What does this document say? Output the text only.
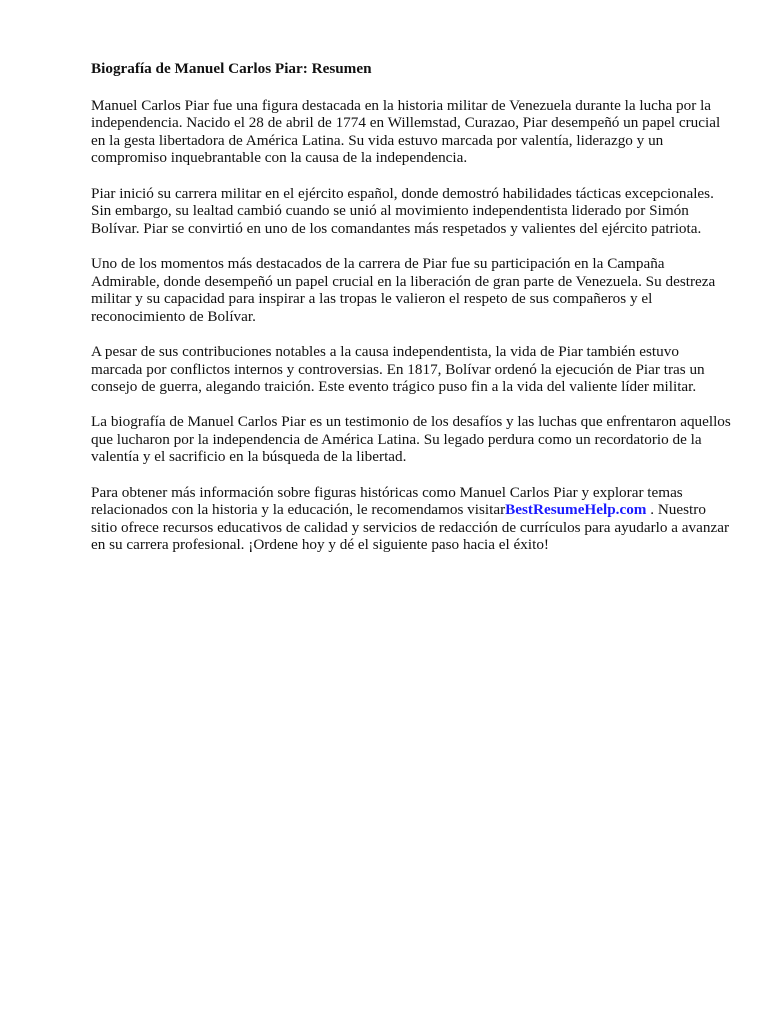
Biografía de Manuel Carlos Piar: Resumen

Manuel Carlos Piar fue una figura destacada en la historia militar de Venezuela durante la lucha por la independencia. Nacido el 28 de abril de 1774 en Willemstad, Curazao, Piar desempeñó un papel crucial en la gesta libertadora de América Latina. Su vida estuvo marcada por valentía, liderazgo y un compromiso inquebrantable con la causa de la independencia.

Piar inició su carrera militar en el ejército español, donde demostró habilidades tácticas excepcionales. Sin embargo, su lealtad cambió cuando se unió al movimiento independentista liderado por Simón Bolívar. Piar se convirtió en uno de los comandantes más respetados y valientes del ejército patriota.

Uno de los momentos más destacados de la carrera de Piar fue su participación en la Campaña Admirable, donde desempeñó un papel crucial en la liberación de gran parte de Venezuela. Su destreza militar y su capacidad para inspirar a las tropas le valieron el respeto de sus compañeros y el reconocimiento de Bolívar.

A pesar de sus contribuciones notables a la causa independentista, la vida de Piar también estuvo marcada por conflictos internos y controversias. En 1817, Bolívar ordenó la ejecución de Piar tras un consejo de guerra, alegando traición. Este evento trágico puso fin a la vida del valiente líder militar.

La biografía de Manuel Carlos Piar es un testimonio de los desafíos y las luchas que enfrentaron aquellos que lucharon por la independencia de América Latina. Su legado perdura como un recordatorio de la valentía y el sacrificio en la búsqueda de la libertad.

Para obtener más información sobre figuras históricas como Manuel Carlos Piar y explorar temas relacionados con la historia y la educación, le recomendamos visitarBestResumeHelp.com . Nuestro sitio ofrece recursos educativos de calidad y servicios de redacción de currículos para ayudarlo a avanzar en su carrera profesional. ¡Ordene hoy y dé el siguiente paso hacia el éxito!
